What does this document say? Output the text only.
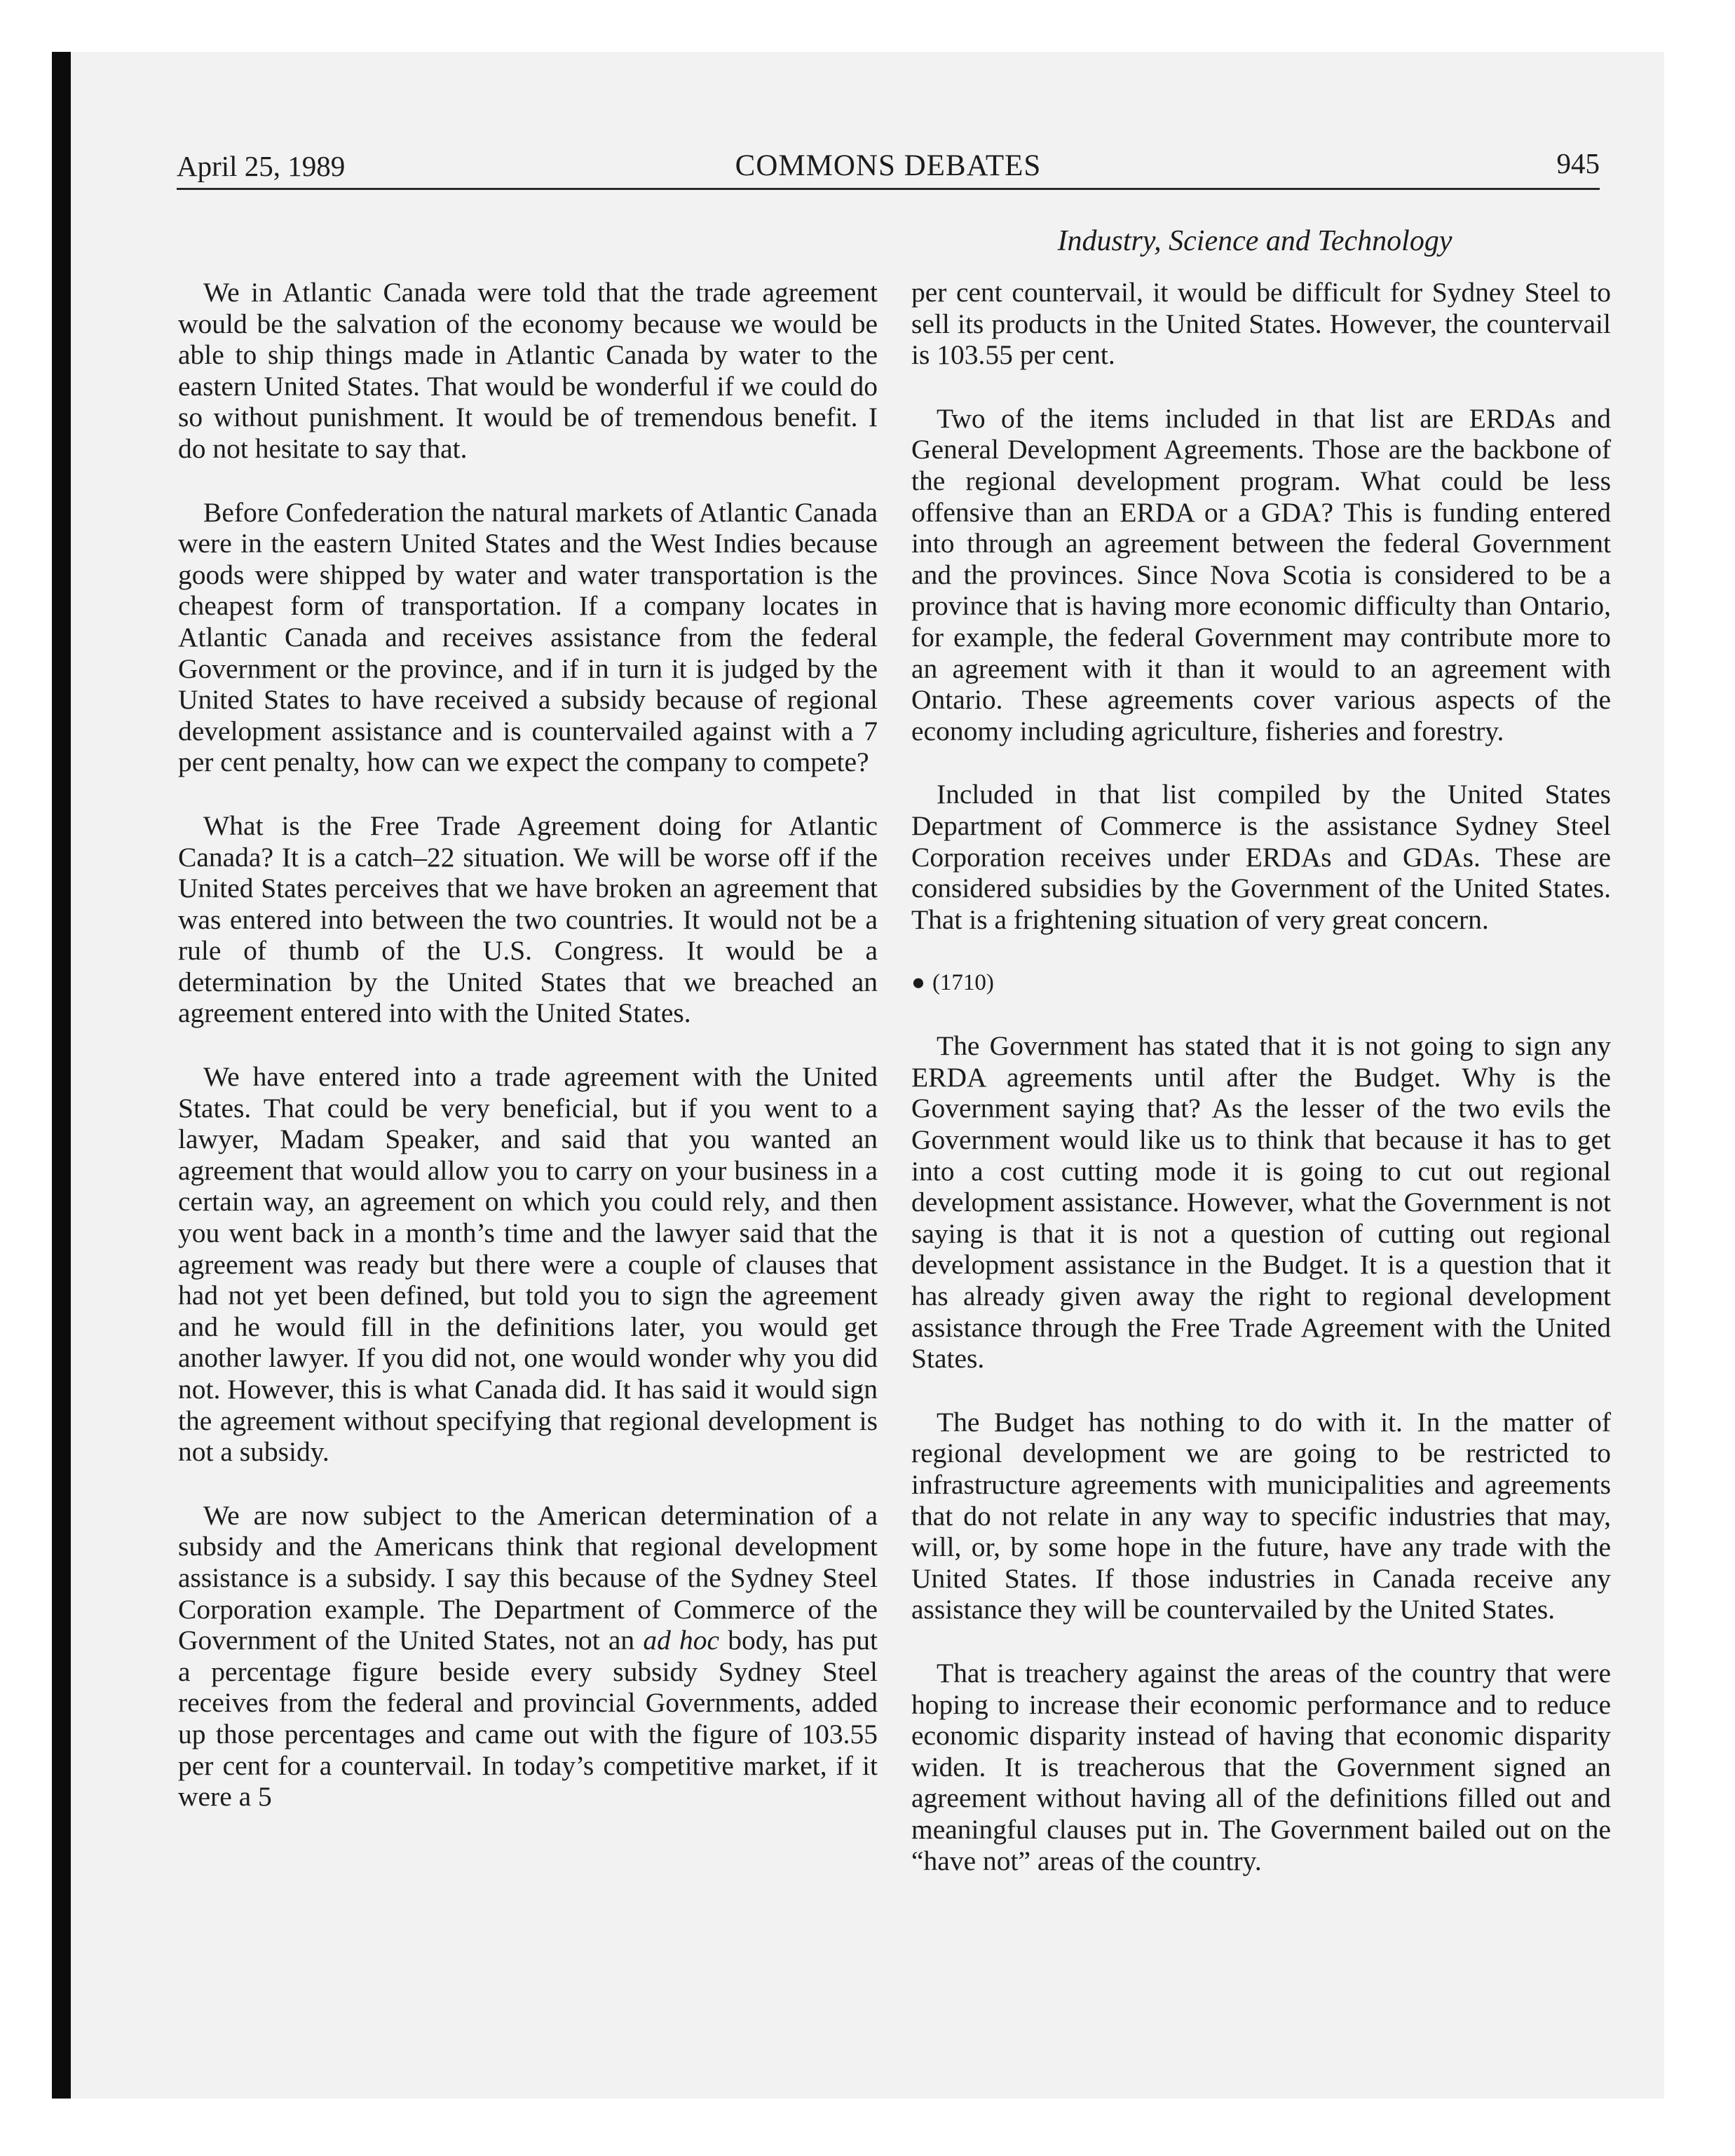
April 25, 1989	COMMONS DEBATES	945
Industry, Science and Technology

We in Atlantic Canada were told that the trade agreement would be the salvation of the economy because we would be able to ship things made in Atlantic Canada by water to the eastern United States. That would be wonderful if we could do so without punishment. It would be of tremendous benefit. I do not hesitate to say that.

Before Confederation the natural markets of Atlantic Canada were in the eastern United States and the West Indies because goods were shipped by water and water transportation is the cheapest form of transportation. If a company locates in Atlantic Canada and receives assistance from the federal Government or the province, and if in turn it is judged by the United States to have received a subsidy because of regional development assistance and is countervailed against with a 7 per cent penalty, how can we expect the company to compete?

What is the Free Trade Agreement doing for Atlantic Canada? It is a catch–22 situation. We will be worse off if the United States perceives that we have broken an agreement that was entered into between the two countries. It would not be a rule of thumb of the U.S. Congress. It would be a determination by the United States that we breached an agreement entered into with the United States.

We have entered into a trade agreement with the United States. That could be very beneficial, but if you went to a lawyer, Madam Speaker, and said that you wanted an agreement that would allow you to carry on your business in a certain way, an agreement on which you could rely, and then you went back in a month’s time and the lawyer said that the agreement was ready but there were a couple of clauses that had not yet been defined, but told you to sign the agreement and he would fill in the definitions later, you would get another lawyer. If you did not, one would wonder why you did not. However, this is what Canada did. It has said it would sign the agreement without specifying that regional development is not a subsidy.

We are now subject to the American determination of a subsidy and the Americans think that regional development assistance is a subsidy. I say this because of the Sydney Steel Corporation example. The Department of Commerce of the Government of the United States, not an ad hoc body, has put a percentage figure beside every subsidy Sydney Steel receives from the federal and provincial Governments, added up those percentages and came out with the figure of 103.55 per cent for a countervail. In today’s competitive market, if it were a 5

per cent countervail, it would be difficult for Sydney Steel to sell its products in the United States. However, the countervail is 103.55 per cent.

Two of the items included in that list are ERDAs and General Development Agreements. Those are the backbone of the regional development program. What could be less offensive than an ERDA or a GDA? This is funding entered into through an agreement between the federal Government and the provinces. Since Nova Scotia is considered to be a province that is having more economic difficulty than Ontario, for example, the federal Government may contribute more to an agreement with it than it would to an agreement with Ontario. These agreements cover various aspects of the economy including agriculture, fisheries and forestry.

Included in that list compiled by the United States Department of Commerce is the assistance Sydney Steel Corporation receives under ERDAs and GDAs. These are considered subsidies by the Government of the United States. That is a frightening situation of very great concern.

● (1710)

The Government has stated that it is not going to sign any ERDA agreements until after the Budget. Why is the Government saying that? As the lesser of the two evils the Government would like us to think that because it has to get into a cost cutting mode it is going to cut out regional development assistance. However, what the Government is not saying is that it is not a question of cutting out regional development assistance in the Budget. It is a question that it has already given away the right to regional development assistance through the Free Trade Agreement with the United States.

The Budget has nothing to do with it. In the matter of regional development we are going to be restricted to infrastructure agreements with municipalities and agreements that do not relate in any way to specific industries that may, will, or, by some hope in the future, have any trade with the United States. If those industries in Canada receive any assistance they will be countervailed by the United States.

That is treachery against the areas of the country that were hoping to increase their economic performance and to reduce economic disparity instead of having that economic disparity widen. It is treacherous that the Government signed an agreement without having all of the definitions filled out and meaningful clauses put in. The Government bailed out on the “have not” areas of the country.
